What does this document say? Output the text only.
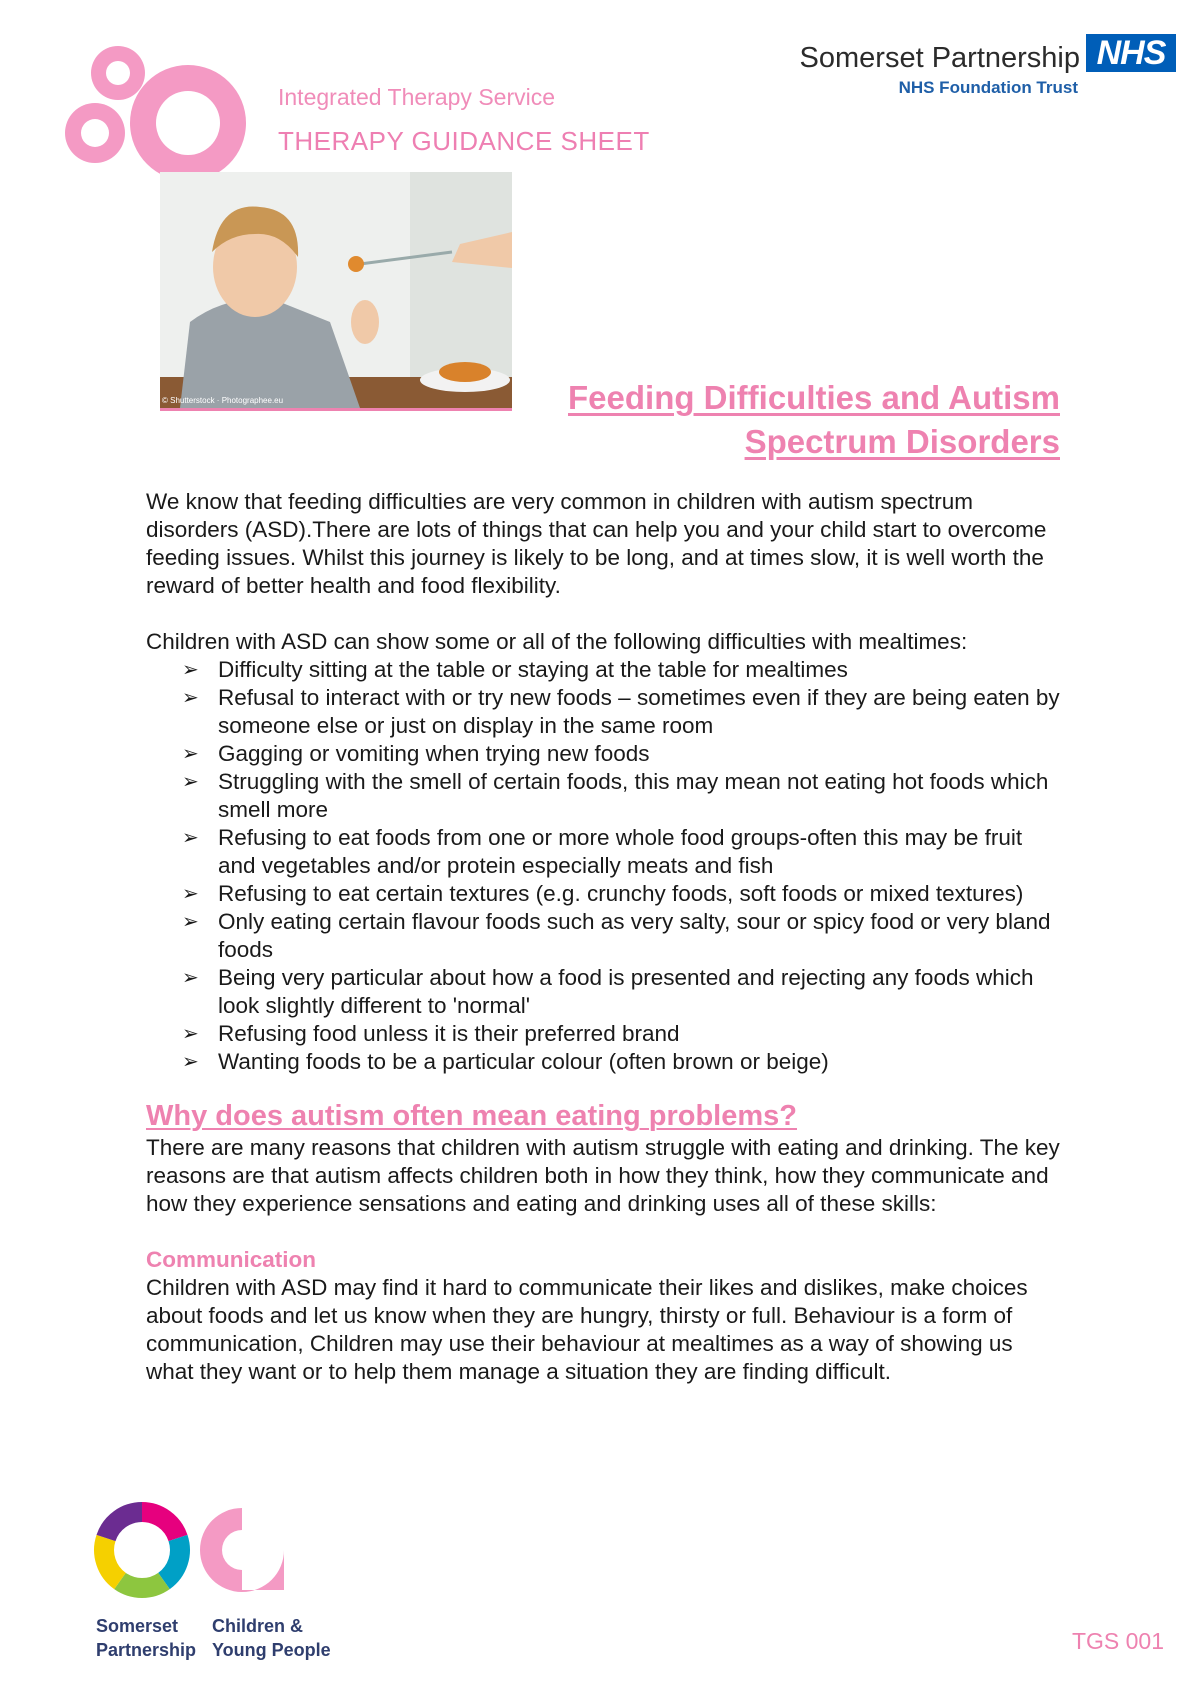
Integrated Therapy Service
THERAPY GUIDANCE SHEET
Somerset Partnership
NHS Foundation Trust
NHS
© Shutterstock · Photographee.eu	Feeding Difficulties and Autism
Spectrum Disorders

We know that feeding difficulties are very common in children with autism spectrum disorders (ASD).There are lots of things that can help you and your child start to overcome feeding issues. Whilst this journey is likely to be long, and at times slow, it is well worth the reward of better health and food flexibility.

Children with ASD can show some or all of the following difficulties with mealtimes:

➢ Difficulty sitting at the table or staying at the table for mealtimes
➢ Refusal to interact with or try new foods – sometimes even if they are being eaten by someone else or just on display in the same room
➢ Gagging or vomiting when trying new foods
➢ Struggling with the smell of certain foods, this may mean not eating hot foods which smell more
➢ Refusing to eat foods from one or more whole food groups-often this may be fruit and vegetables and/or protein especially meats and fish
➢ Refusing to eat certain textures (e.g. crunchy foods, soft foods or mixed textures)
➢ Only eating certain flavour foods such as very salty, sour or spicy food or very bland foods
➢ Being very particular about how a food is presented and rejecting any foods which look slightly different to 'normal'
➢ Refusing food unless it is their preferred brand
➢ Wanting foods to be a particular colour (often brown or beige)
Why does autism often mean eating problems?

There are many reasons that children with autism struggle with eating and drinking. The key reasons are that autism affects children both in how they think, how they communicate and how they experience sensations and eating and drinking uses all of these skills:

Communication

Children with ASD may find it hard to communicate their likes and dislikes, make choices about foods and let us know when they are hungry, thirsty or full. Behaviour is a form of communication, Children may use their behaviour at mealtimes as a way of showing us what they want or to help them manage a situation they are finding difficult.

Somerset
Partnership
Children &
Young People	TGS 001
